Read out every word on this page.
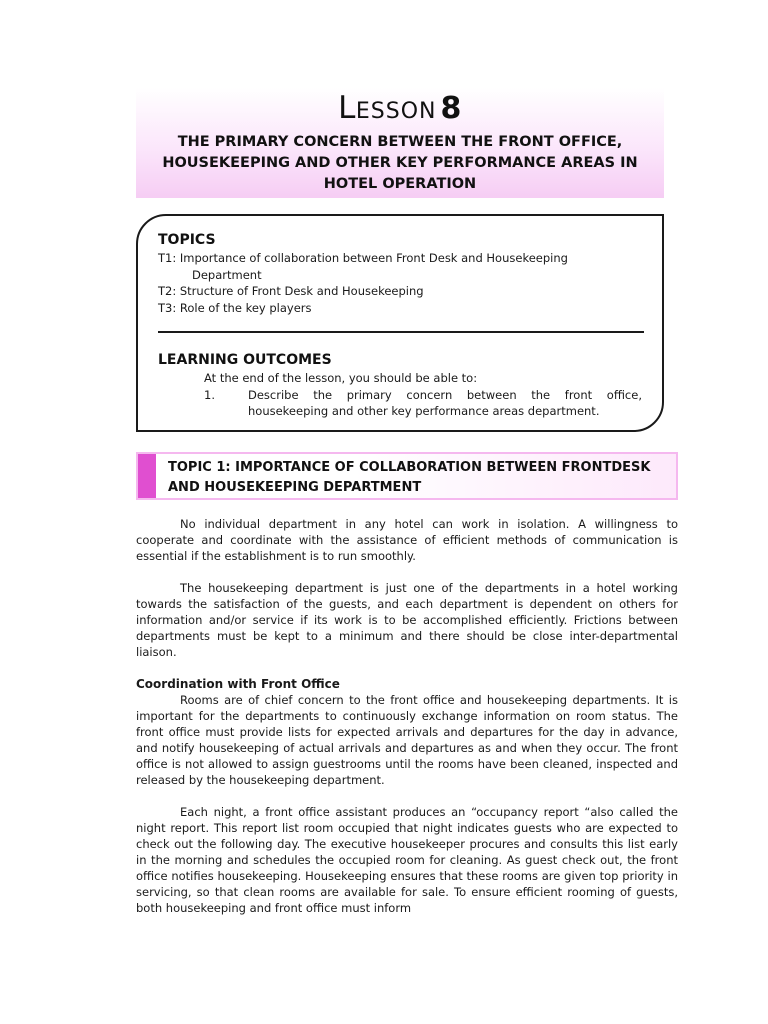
LESSON 8
THE PRIMARY CONCERN BETWEEN THE FRONT OFFICE, HOUSEKEEPING AND OTHER KEY PERFORMANCE AREAS IN HOTEL OPERATION
TOPICS
T1: Importance of collaboration between Front Desk and Housekeeping
Department
T2: Structure of Front Desk and Housekeeping
T3: Role of the key players
LEARNING OUTCOMES
At the end of the lesson, you should be able to:
1.	Describe the primary concern between the front office, housekeeping and other key performance areas department.
TOPIC 1: IMPORTANCE OF COLLABORATION BETWEEN FRONTDESK AND HOUSEKEEPING DEPARTMENT

No individual department in any hotel can work in isolation. A willingness to cooperate and coordinate with the assistance of efficient methods of communication is essential if the establishment is to run smoothly.

The housekeeping department is just one of the departments in a hotel working towards the satisfaction of the guests, and each department is dependent on others for information and/or service if its work is to be accomplished efficiently. Frictions between departments must be kept to a minimum and there should be close inter-departmental liaison.

Coordination with Front Office

Rooms are of chief concern to the front office and housekeeping departments. It is important for the departments to continuously exchange information on room status. The front office must provide lists for expected arrivals and departures for the day in advance, and notify housekeeping of actual arrivals and departures as and when they occur. The front office is not allowed to assign guestrooms until the rooms have been cleaned, inspected and released by the housekeeping department.

Each night, a front office assistant produces an “occupancy report “also called the night report. This report list room occupied that night indicates guests who are expected to check out the following day. The executive housekeeper procures and consults this list early in the morning and schedules the occupied room for cleaning. As guest check out, the front office notifies housekeeping. Housekeeping ensures that these rooms are given top priority in servicing, so that clean rooms are available for sale. To ensure efficient rooming of guests, both housekeeping and front office must inform
